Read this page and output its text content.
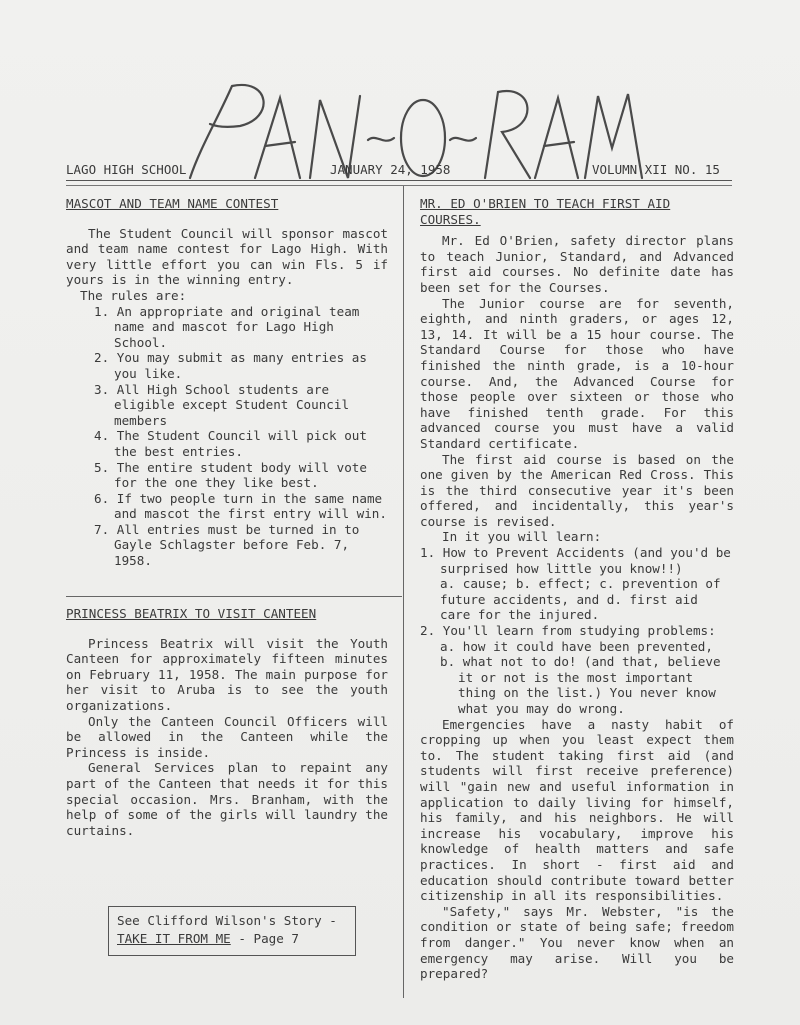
LAGO HIGH SCHOOL	JANUARY 24, 1958	VOLUMN XII NO. 15

MASCOT AND TEAM NAME CONTEST

The Student Council will sponsor mascot and team name contest for Lago High. With very little effort you can win Fls. 5 if yours is in the winning entry.

The rules are:

1. An appropriate and original team name and mascot for Lago High School.

2. You may submit as many entries as you like.

3. All High School students are eligible except Student Council members

4. The Student Council will pick out the best entries.

5. The entire student body will vote for the one they like best.

6. If two people turn in the same name and mascot the first entry will win.

7. All entries must be turned in to Gayle Schlagster before Feb. 7, 1958.

PRINCESS BEATRIX TO VISIT CANTEEN

Princess Beatrix will visit the Youth Canteen for approximately fifteen minutes on February 11, 1958. The main purpose for her visit to Aruba is to see the youth organizations.

Only the Canteen Council Officers will be allowed in the Canteen while the Princess is inside.

General Services plan to repaint any part of the Canteen that needs it for this special occasion. Mrs. Branham, with the help of some of the girls will laundry the curtains.

See Clifford Wilson's Story -
TAKE IT FROM ME - Page 7

MR. ED O'BRIEN TO TEACH FIRST AID

COURSES.

Mr. Ed O'Brien, safety director plans to teach Junior, Standard, and Advanced first aid courses. No definite date has been set for the Courses.

The Junior course are for seventh, eighth, and ninth graders, or ages 12, 13, 14. It will be a 15 hour course. The Standard Course for those who have finished the ninth grade, is a 10-hour course. And, the Advanced Course for those people over sixteen or those who have finished tenth grade. For this advanced course you must have a valid Standard certificate.

The first aid course is based on the one given by the American Red Cross. This is the third consecutive year it's been offered, and incidentally, this year's course is revised.

In it you will learn:

1. How to Prevent Accidents (and you'd be surprised how little you know!!)

a. cause; b. effect; c. prevention of future accidents, and d. first aid care for the injured.

2. You'll learn from studying problems:

a. how it could have been prevented,

b. what not to do! (and that, believe it or not is the most important thing on the list.) You never know what you may do wrong.

Emergencies have a nasty habit of cropping up when you least expect them to. The student taking first aid (and students will first receive preference) will "gain new and useful information in application to daily living for himself, his family, and his neighbors. He will increase his vocabulary, improve his knowledge of health matters and safe practices. In short - first aid and education should contribute toward better citizenship in all its responsibilities.

"Safety," says Mr. Webster, "is the condition or state of being safe; freedom from danger." You never know when an emergency may arise. Will you be prepared?
